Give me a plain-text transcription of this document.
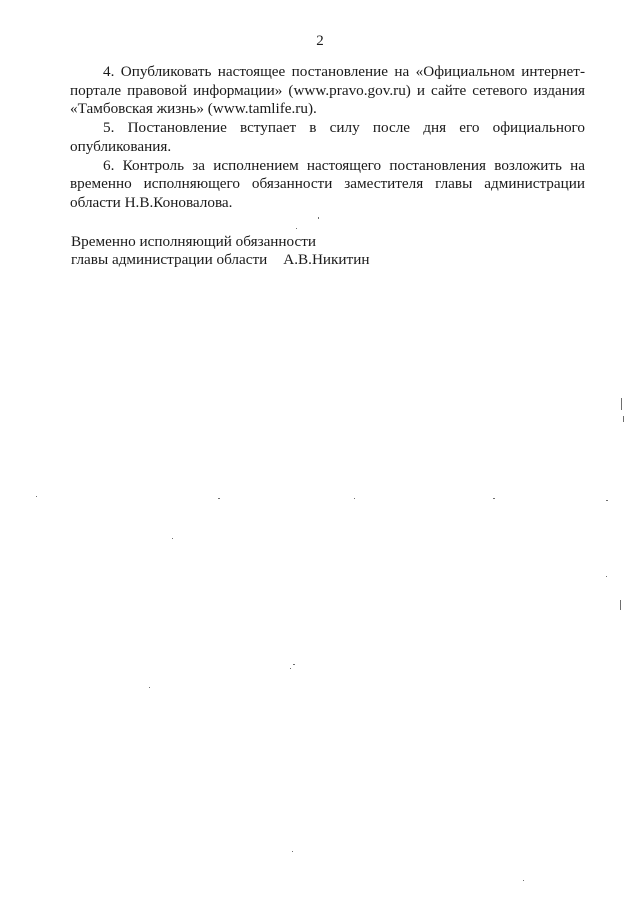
2

4. Опубликовать настоящее постановление на «Официальном интернет-портале правовой информации» (www.pravo.gov.ru) и сайте сетевого издания «Тамбовская жизнь» (www.tamlife.ru).

5. Постановление вступает в силу после дня его официального опубликования.

6. Контроль за исполнением настоящего постановления возложить на временно исполняющего обязанности заместителя главы администрации области Н.В.Коновалова.

Временно исполняющий обязанности
главы администрации области А.В.Никитин
